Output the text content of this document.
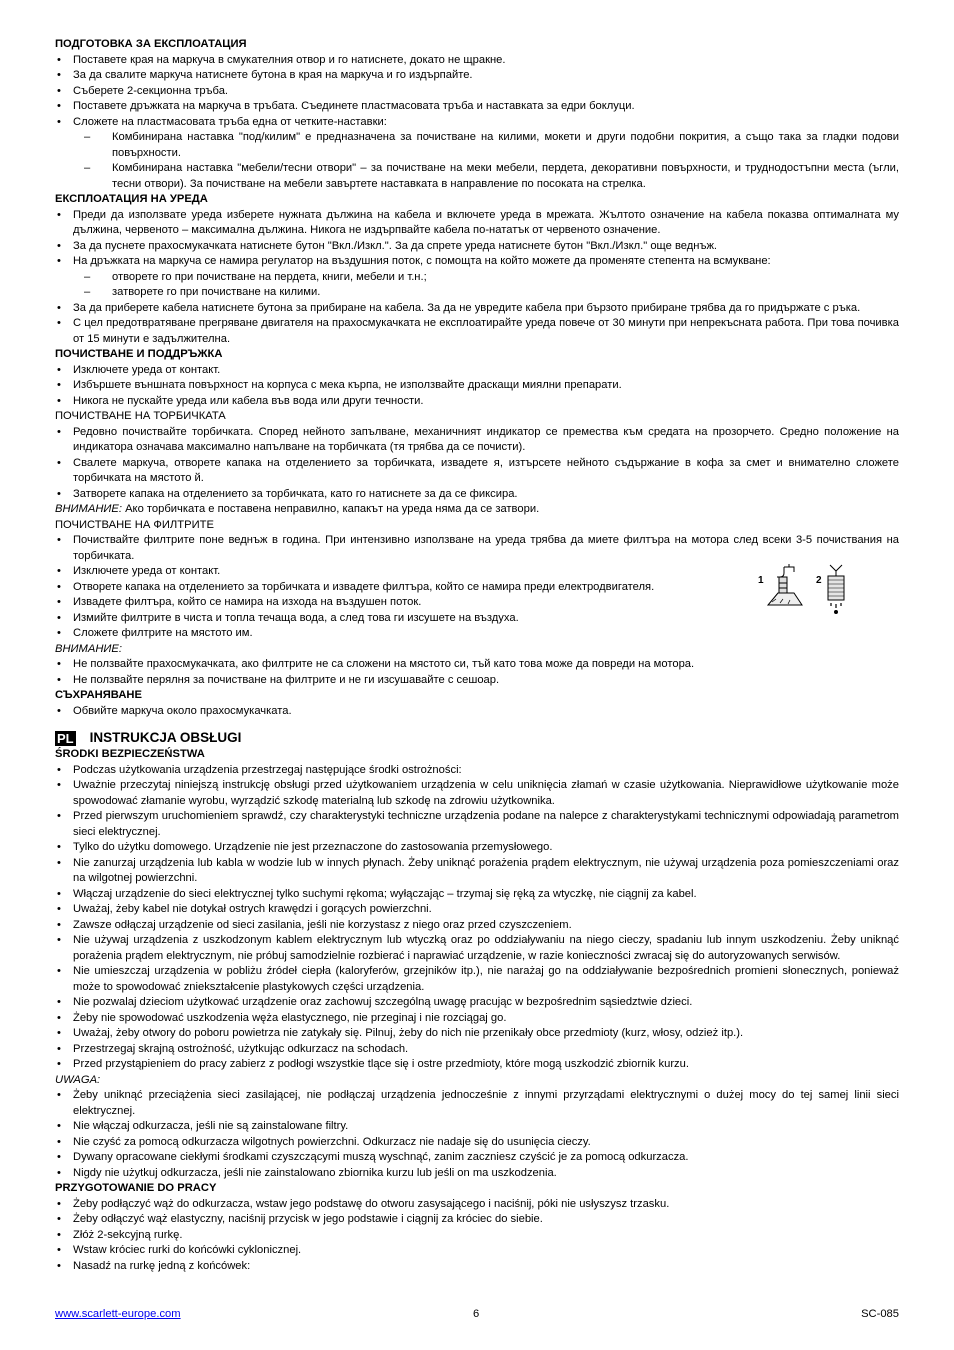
ПОДГОТОВКА ЗА ЕКСПЛОАТАЦИЯ

• Поставете края на маркуча в смукателния отвор и го натиснете, докато не щракне.
• За да свалите маркуча натиснете бутона в края на маркуча и го издърпайте.
• Съберете 2-секционна тръба.
• Поставете дръжката на маркуча в тръбата. Съединете пластмасовата тръба и наставката за едри боклуци.
• Сложете на пластмасовата тръба една от четките-наставки:
– Комбинирана наставка "под/килим" е предназначена за почистване на килими, мокети и други подобни покрития, а също така за гладки подови повърхности.
– Комбинирана наставка "мебели/тесни отвори" – за почистване на меки мебели, пердета, декоративни повърхности, и труднодостъпни места (ъгли, тесни отвори). За почистване на мебели завъртете наставката в направление по посоката на стрелка.

ЕКСПЛОАТАЦИЯ НА УРЕДА

• Преди да използвате уреда изберете нужната дължина на кабела и включете уреда в мрежата. Жълтото означение на кабела показва оптималната му дължина, червеното – максимална дължина. Никога не издърпвайте кабела по-нататък от червеното означение.
• За да пуснете прахосмукачката натиснете бутон "Вкл./Изкл.". За да спрете уреда натиснете бутон "Вкл./Изкл." още веднъж.
• На дръжката на маркуча се намира регулатор на въздушния поток, с помощта на който можете да променяте степента на всмукване:
– отворете го при почистване на пердета, книги, мебели и т.н.;
– затворете го при почистване на килими.
• За да приберете кабела натиснете бутона за прибиране на кабела. За да не увредите кабела при бързото прибиране трябва да го придържате с ръка.
• С цел предотвратяване прегряване двигателя на прахосмукачката не експлоатирайте уреда повече от 30 минути при непрекъсната работа. При това почивка от 15 минути е задължителна.

ПОЧИСТВАНЕ И ПОДДРЪЖКА

• Изключете уреда от контакт.
• Избършете външната повърхност на корпуса с мека кърпа, не използвайте драскащи миялни препарати.
• Никога не пускайте уреда или кабела във вода или други течности.

ПОЧИСТВАНЕ НА ТОРБИЧКАТА

• Редовно почиствайте торбичката. Според нейното запълване, механичният индикатор се премества към средата на прозорчето. Средно положение на индикатора означава максимално напълване на торбичката (тя трябва да се почисти).
• Свалете маркуча, отворете капака на отделението за торбичката, извадете я, изтърсете нейното съдържание в кофа за смет и внимателно сложете торбичката на мястото й.
• Затворете капака на отделението за торбичката, като го натиснете за да се фиксира.

ВНИМАНИЕ: Ако торбичката е поставена неправилно, капакът на уреда няма да се затвори.

ПОЧИСТВАНЕ НА ФИЛТРИТЕ

• Почиствайте филтрите поне веднъж в година. При интензивно използване на уреда трябва да миете филтъра на мотора след всеки 3-5 почиствания на торбичката.
• Изключете уреда от контакт.
• Отворете капака на отделението за торбичката и извадете филтъра, който се намира преди електродвигателя.
• Извадете филтъра, който се намира на изхода на въздушен поток.
• Измийте филтрите в чиста и топла течаща вода, а след това ги изсушете на въздуха.
• Сложете филтрите на мястото им.
1	2

ВНИМАНИЕ:

• Не ползвайте прахосмукачката, ако филтрите не са сложени на мястото си, тъй като това може да повреди на мотора.
• Не ползвайте перялня за почистване на филтрите и не ги изсушавайте с сешоар.

СЪХРАНЯВАНЕ

• Обвийте маркуча около прахосмукачката.
PL INSTRUKCJA OBSŁUGI

ŚRODKI BEZPIECZEŃSTWA

• Podczas użytkowania urządzenia przestrzegaj następujące środki ostrożności:
• Uważnie przeczytaj niniejszą instrukcję obsługi przed użytkowaniem urządzenia w celu uniknięcia złamań w czasie użytkowania. Nieprawidłowe użytkowanie może spowodować złamanie wyrobu, wyrządzić szkodę materialną lub szkodę na zdrowiu użytkownika.
• Przed pierwszym uruchomieniem sprawdź, czy charakterystyki techniczne urządzenia podane na nalepce z charakterystykami technicznymi odpowiadają parametrom sieci elektrycznej.
• Tylko do użytku domowego. Urządzenie nie jest przeznaczone do zastosowania przemysłowego.
• Nie zanurzaj urządzenia lub kabla w wodzie lub w innych płynach. Żeby uniknąć porażenia prądem elektrycznym, nie używaj urządzenia poza pomieszczeniami oraz na wilgotnej powierzchni.
• Włączaj urządzenie do sieci elektrycznej tylko suchymi rękoma; wyłączając – trzymaj się ręką za wtyczkę, nie ciągnij za kabel.
• Uważaj, żeby kabel nie dotykał ostrych krawędzi i gorących powierzchni.
• Zawsze odłączaj urządzenie od sieci zasilania, jeśli nie korzystasz z niego oraz przed czyszczeniem.
• Nie używaj urządzenia z uszkodzonym kablem elektrycznym lub wtyczką oraz po oddziaływaniu na niego cieczy, spadaniu lub innym uszkodzeniu. Żeby uniknąć porażenia prądem elektrycznym, nie próbuj samodzielnie rozbierać i naprawiać urządzenie, w razie konieczności zwracaj się do autoryzowanych serwisów.
• Nie umieszczaj urządzenia w pobliżu źródeł ciepła (kaloryferów, grzejników itp.), nie narażaj go na oddziaływanie bezpośrednich promieni słonecznych, ponieważ może to spowodować zniekształcenie plastykowych części urządzenia.
• Nie pozwalaj dzieciom użytkować urządzenie oraz zachowuj szczególną uwagę pracując w bezpośrednim sąsiedztwie dzieci.
• Żeby nie spowodować uszkodzenia węża elastycznego, nie przeginaj i nie rozciągaj go.
• Uważaj, żeby otwory do poboru powietrza nie zatykały się. Pilnuj, żeby do nich nie przenikały obce przedmioty (kurz, włosy, odzież itp.).
• Przestrzegaj skrajną ostrożność, użytkując odkurzacz na schodach.
• Przed przystąpieniem do pracy zabierz z podłogi wszystkie tlące się i ostre przedmioty, które mogą uszkodzić zbiornik kurzu.

UWAGA:

• Żeby uniknąć przeciążenia sieci zasilającej, nie podłączaj urządzenia jednocześnie z innymi przyrządami elektrycznymi o dużej mocy do tej samej linii sieci elektrycznej.
• Nie włączaj odkurzacza, jeśli nie są zainstalowane filtry.
• Nie czyść za pomocą odkurzacza wilgotnych powierzchni. Odkurzacz nie nadaje się do usunięcia cieczy.
• Dywany opracowane ciekłymi środkami czyszczącymi muszą wyschnąć, zanim zaczniesz czyścić je za pomocą odkurzacza.
• Nigdy nie użytkuj odkurzacza, jeśli nie zainstalowano zbiornika kurzu lub jeśli on ma uszkodzenia.

PRZYGOTOWANIE DO PRACY

• Żeby podłączyć wąż do odkurzacza, wstaw jego podstawę do otworu zasysającego i naciśnij, póki nie usłyszysz trzasku.
• Żeby odłączyć wąż elastyczny, naciśnij przycisk w jego podstawie i ciągnij za króciec do siebie.
• Złóż 2-sekcyjną rurkę.
• Wstaw króciec rurki do końcówki cyklonicznej.
• Nasadź na rurkę jedną z końcówek:
www.scarlett-europe.com	6	SC-085
